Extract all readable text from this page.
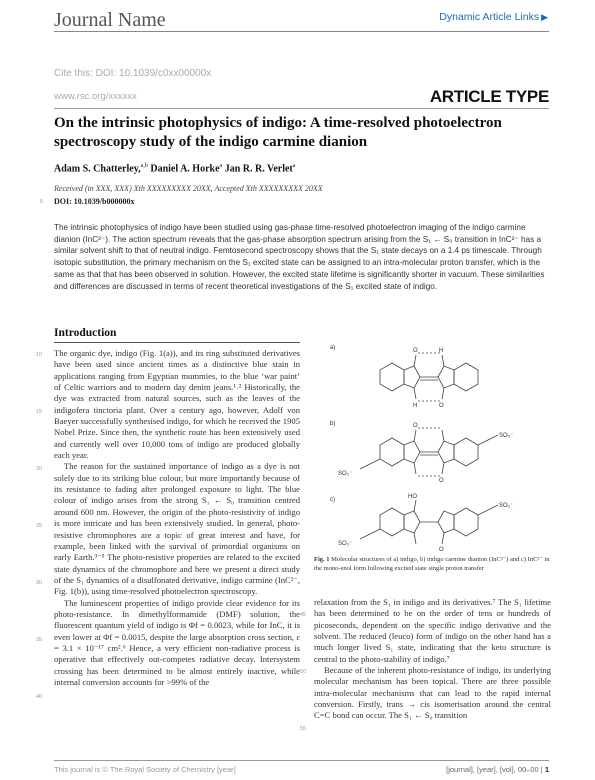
Journal Name	Dynamic Article Links ▶
Cite this: DOI: 10.1039/c0xx00000x
www.rsc.org/xxxxxx	ARTICLE TYPE
On the intrinsic photophysics of indigo: A time-resolved photoelectron spectroscopy study of the indigo carmine dianion
Adam S. Chatterley,$^{a,b}$ Daniel A. Horke$^a$ Jan R. R. Verlet$^a$
Received (in XXX, XXX) Xth XXXXXXXXX 20XX, Accepted Xth XXXXXXXXX 20XX
5 DOI: 10.1039/b000000x
The intrinsic photophysics of indigo have been studied using gas-phase time-resolved photoelectron imaging of the indigo carmine dianion (InC²⁻). The action spectrum reveals that the gas-phase absorption spectrum arising from the S₁ ← S₀ transition in InC²⁻ has a similar solvent shift to that of neutral indigo. Femtosecond spectroscopy shows that the S₁ state decays on a 1.4 ps timescale. Through isotopic substitution, the primary mechanism on the S₁ excited state can be assigned to an intra-molecular proton transfer, which is the same as that that has been observed in solution. However, the excited state lifetime is significantly shorter in vacuum. These similarities and differences are discussed in terms of recent theoretical investigations of the S₁ excited state of indigo.
Introduction

The organic dye, indigo (Fig. 1(a)), and its ring substituted derivatives have been used since ancient times as a distinctive blue stain in applications ranging from Egyptian mummies, to the blue ‘war paint’ of Celtic warriors and to modern day denim jeans.¹˒² Historically, the dye was extracted from natural sources, such as the leaves of the indigofera tinctoria plant. Over a century ago, however, Adolf von Baeyer successfully synthesised indigo, for which he received the 1905 Nobel Prize. Since then, the synthetic route has been extensively used and currently well over 10,000 tons of indigo are produced globally each year.

The reason for the sustained importance of indigo as a dye is not solely due to its striking blue colour, but more importantly because of its resistance to fading after prolonged exposure to light. The blue colour of indigo arises from the strong S₁ ← S₀ transition centred around 600 nm. However, the origin of the photo-resistivity of indigo is more intricate and has been extensively studied. In general, photo-resistive chromophores are a topic of great interest and have, for example, been linked with the survival of primordial organisms on early Earth.³⁻⁵ The photo-resistive properties are related to the excited state dynamics of the chromophore and here we present a direct study of the S₁ dynamics of a disulfonated derivative, indigo carmine (InC²⁻, Fig. 1(b)), using time-resolved photoelectron spectroscopy.

The luminescent properties of indigo provide clear evidence for its photo-resistance. In dimethylformamide (DMF) solution, the fluorescent quantum yield of indigo is Φf = 0.0023, while for InC, it is even lower at Φf = 0.0015, despite the large absorption cross section, ε = 3.1 × 10⁻¹⁷ cm².⁶ Hence, a very efficient non-radiative process is operative that effectively out-competes radiative decay. Intersystem crossing has been determined to be almost entirely inactive, while internal conversion accounts for >99% of the

10
15
20
25
30
35
40
45
50
55
a)
b)
c)
O	H
H	O
O
O
SO₃⁻
SO₃⁻
HO
SO₃⁻
SO₃⁻
O
Fig. 1 Molecular structures of a) indigo, b) indigo carmine dianion (InC²⁻) and c) InC²⁻ in the mono-enol form following excited state single proton transfer

relaxation from the S₁ in indigo and its derivatives.⁷ The S₁ lifetime has been determined to be on the order of tens or hundreds of picoseconds, dependent on the specific indigo derivative and the solvent. The reduced (leuco) form of indigo on the other hand has a much longer lived S₁ state, indicating that the keto structure is central to the photo-stability of indigo.⁷

Because of the inherent photo-resistance of indigo, its underlying molecular mechanism has been topical. There are three possible intra-molecular mechanisms that can lead to the rapid internal conversion. Firstly, trans → cis isomerisation around the central C=C bond can occur. The S₁ ← S₀ transition

This journal is © The Royal Society of Chemistry [year]	[journal], [year], [vol], 00–00 | 1
